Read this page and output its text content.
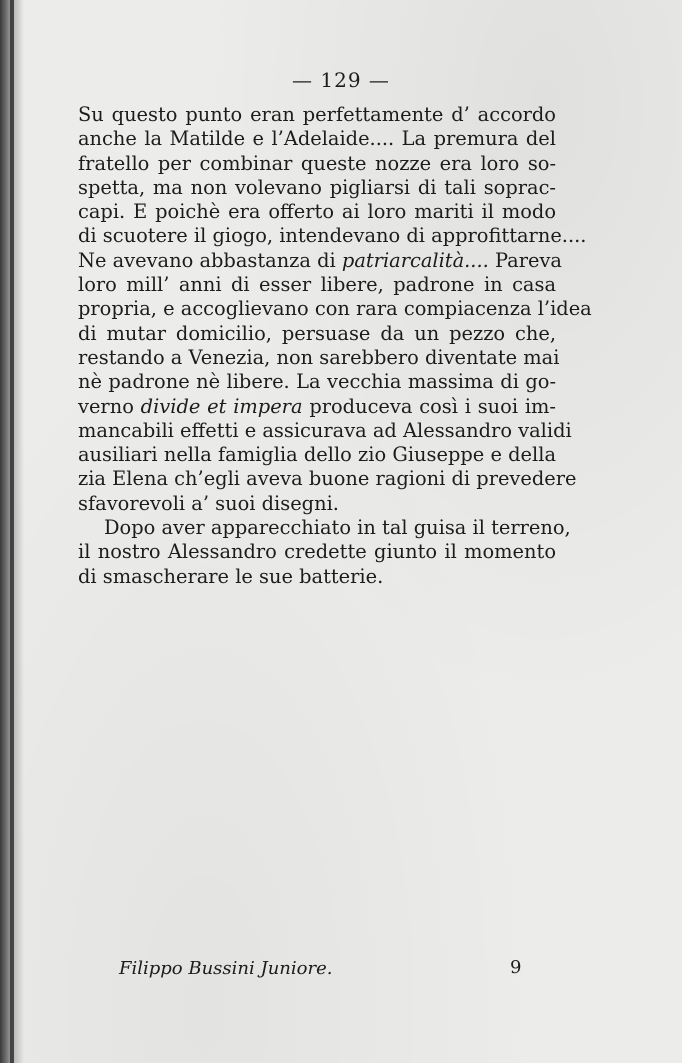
— 129 —
Su questo punto eran perfettamente d’ accordo
anche la Matilde e l’Adelaide.... La premura del
fratello per combinar queste nozze era loro so-
spetta, ma non volevano pigliarsi di tali soprac-
capi. E poichè era offerto ai loro mariti il modo
di scuotere il giogo, intendevano di approfittarne....
Ne avevano abbastanza di patriarcalità.... Pareva
loro mill’ anni di esser libere, padrone in casa
propria, e accoglievano con rara compiacenza l’idea
di mutar domicilio, persuase da un pezzo che,
restando a Venezia, non sarebbero diventate mai
nè padrone nè libere. La vecchia massima di go-
verno divide et impera produceva così i suoi im-
mancabili effetti e assicurava ad Alessandro validi
ausiliari nella famiglia dello zio Giuseppe e della
zia Elena ch’egli aveva buone ragioni di prevedere
sfavorevoli a’ suoi disegni.
Dopo aver apparecchiato in tal guisa il terreno,
il nostro Alessandro credette giunto il momento
di smascherare le sue batterie.
Filippo Bussini Juniore.	9
